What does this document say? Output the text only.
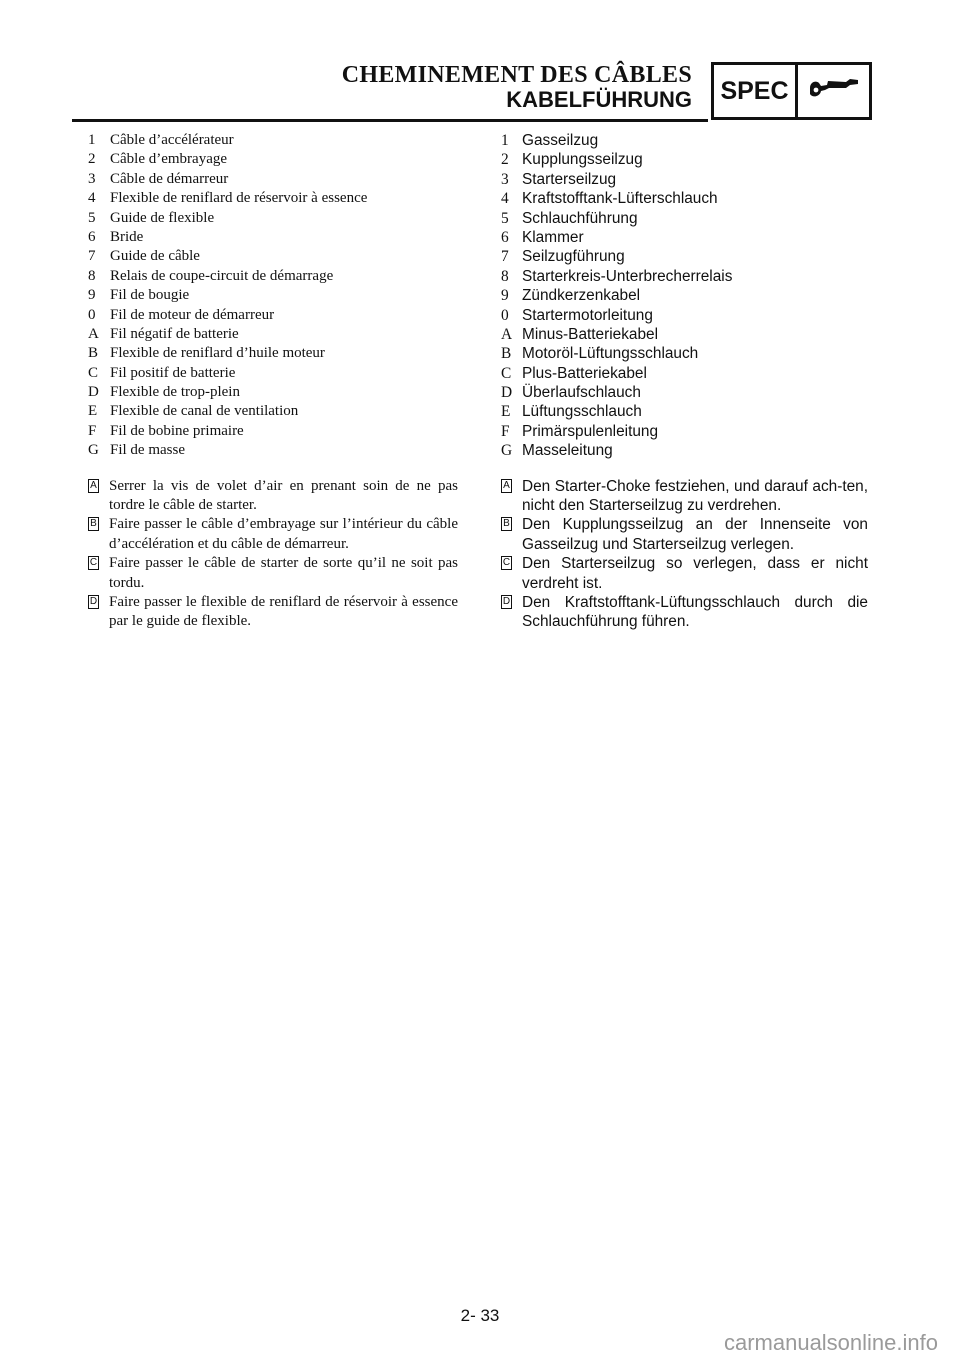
CHEMINEMENT DES CÂBLES
KABELFÜHRUNG SPEC
1 Câble d’accélérateur
2 Câble d’embrayage
3 Câble de démarreur
4 Flexible de reniflard de réservoir à essence
5 Guide de flexible
6 Bride
7 Guide de câble
8 Relais de coupe-circuit de démarrage
9 Fil de bougie
0 Fil de moteur de démarreur
A Fil négatif de batterie
B Flexible de reniflard d’huile moteur
C Fil positif de batterie
D Flexible de trop-plein
E Flexible de canal de ventilation
F Fil de bobine primaire
G Fil de masse
A Serrer la vis de volet d’air en prenant soin de ne pas tordre le câble de starter.
B Faire passer le câble d’embrayage sur l’intérieur du câble d’accélération et du câble de démarreur.
C Faire passer le câble de starter de sorte qu’il ne soit pas tordu.
D Faire passer le flexible de reniflard de réservoir à essence par le guide de flexible.
1 Gasseilzug
2 Kupplungsseilzug
3 Starterseilzug
4 Kraftstofftank-Lüfterschlauch
5 Schlauchführung
6 Klammer
7 Seilzugführung
8 Starterkreis-Unterbrecherrelais
9 Zündkerzenkabel
0 Startermotorleitung
A Minus-Batteriekabel
B Motoröl-Lüftungsschlauch
C Plus-Batteriekabel
D Überlaufschlauch
E Lüftungsschlauch
F Primärspulenleitung
G Masseleitung
A Den Starter-Choke festziehen, und darauf ach-ten, nicht den Starterseilzug zu verdrehen.
B Den Kupplungsseilzug an der Innenseite von Gasseilzug und Starterseilzug verlegen.
C Den Starterseilzug so verlegen, dass er nicht verdreht ist.
D Den Kraftstofftank-Lüftungsschlauch durch die Schlauchführung führen.
2- 33
carmanualsonline.info
